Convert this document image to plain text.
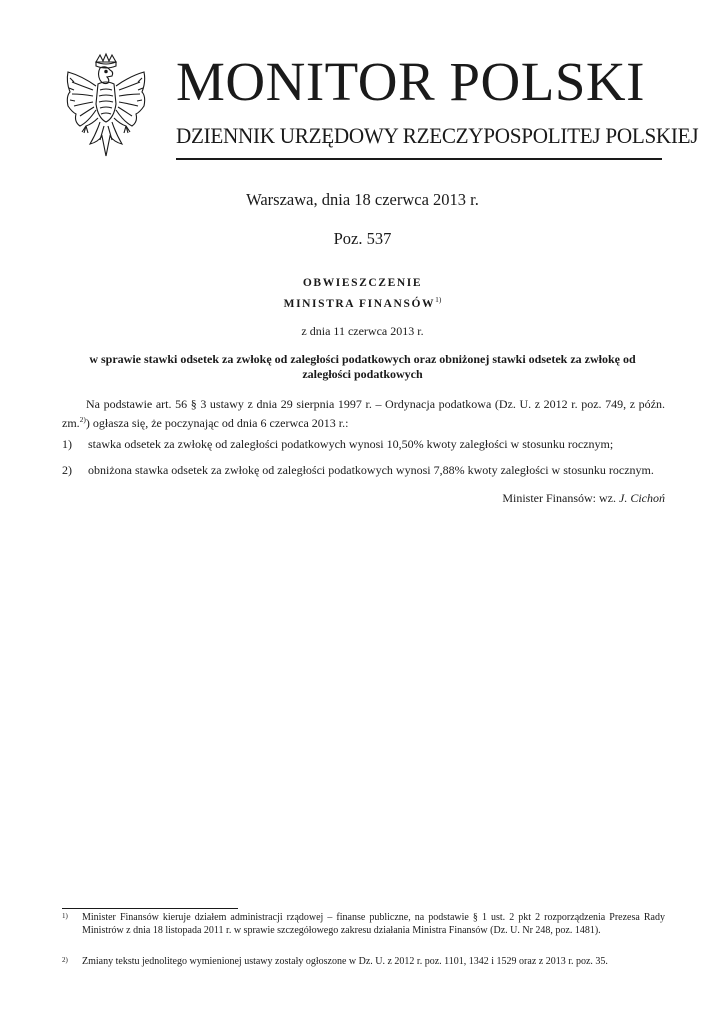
MONITOR POLSKI
DZIENNIK URZĘDOWY RZECZYPOSPOLITEJ POLSKIEJ
Warszawa, dnia 18 czerwca 2013 r.
Poz. 537
OBWIESZCZENIE
MINISTRA FINANSÓW$^{1)}$
z dnia 11 czerwca 2013 r.
w sprawie stawki odsetek za zwłokę od zaległości podatkowych oraz obniżonej stawki odsetek za zwłokę od zaległości podatkowych
Na podstawie art. 56 § 3 ustawy z dnia 29 sierpnia 1997 r. – Ordynacja podatkowa (Dz. U. z 2012 r. poz. 749, z późn. zm.$^{2)}$) ogłasza się, że poczynając od dnia 6 czerwca 2013 r.:
1) stawka odsetek za zwłokę od zaległości podatkowych wynosi 10,50% kwoty zaległości w stosunku rocznym;
2) obniżona stawka odsetek za zwłokę od zaległości podatkowych wynosi 7,88% kwoty zaległości w stosunku rocznym.
Minister Finansów: wz. J. Cichoń
1) Minister Finansów kieruje działem administracji rządowej – finanse publiczne, na podstawie § 1 ust. 2 pkt 2 rozporządzenia Prezesa Rady Ministrów z dnia 18 listopada 2011 r. w sprawie szczegółowego zakresu działania Ministra Finansów (Dz. U. Nr 248, poz. 1481).
2) Zmiany tekstu jednolitego wymienionej ustawy zostały ogłoszone w Dz. U. z 2012 r. poz. 1101, 1342 i 1529 oraz z 2013 r. poz. 35.
